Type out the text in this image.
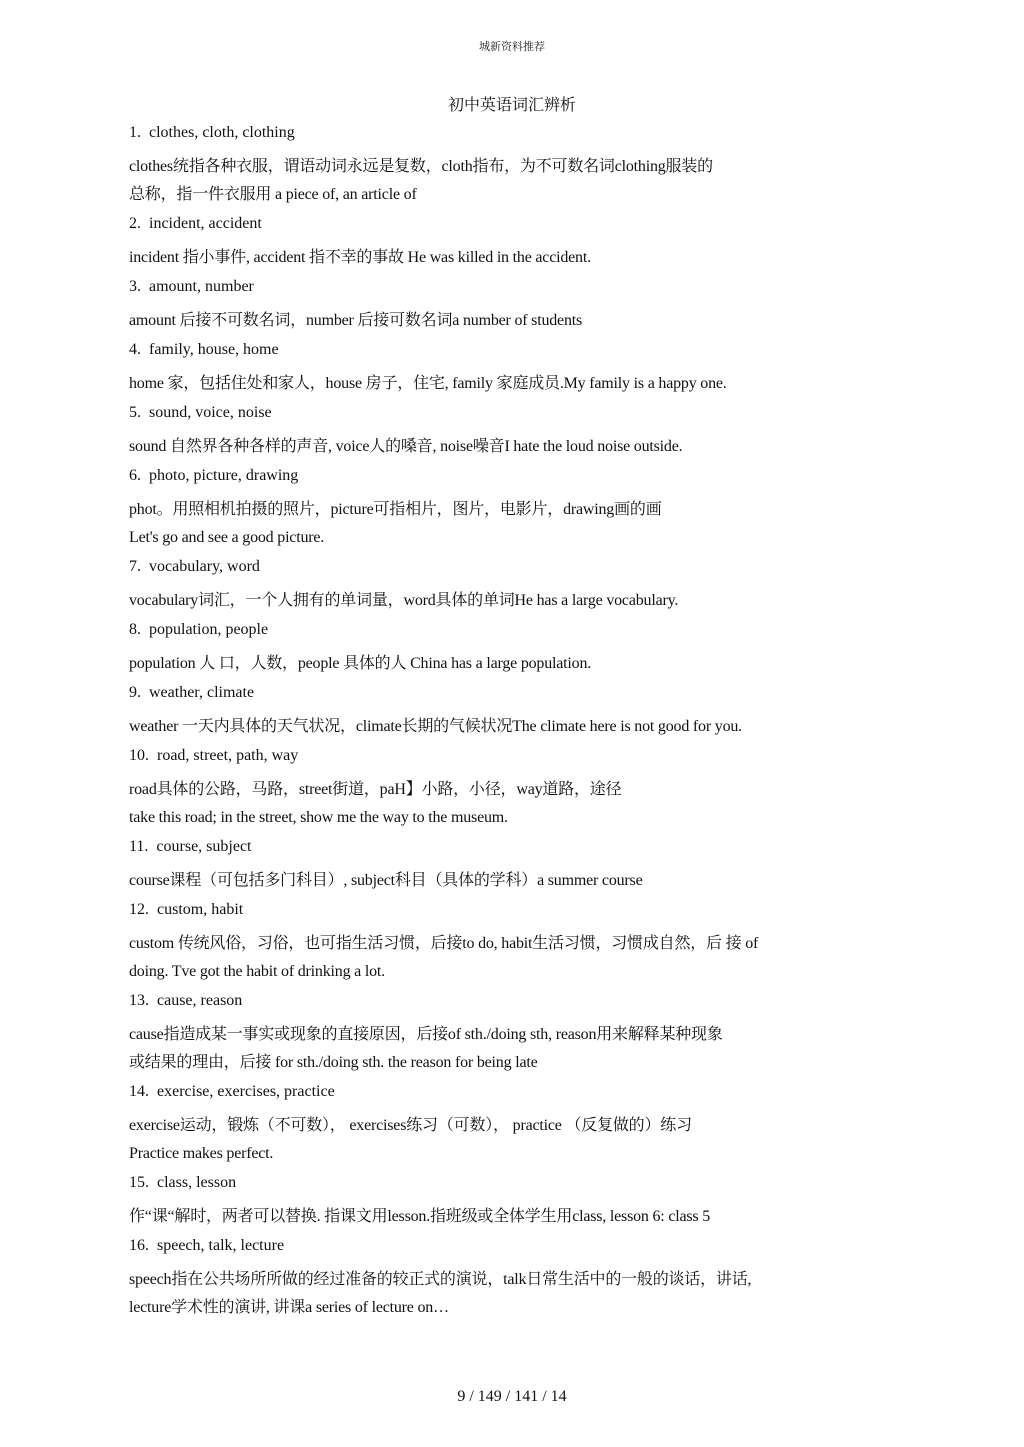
城新资料推荐
初中英语词汇辨析
1. clothes, cloth, clothing
clothes统指各种衣服，谓语动词永远是复数，cloth指布，为不可数名词clothing服装的
总称，指一件衣服用 a piece of, an article of
2. incident, accident
incident 指小事件, accident 指不幸的事故 He was killed in the accident.
3. amount, number
amount 后接不可数名词，number 后接可数名词a number of students
4. family, house, home
home 家，包括住处和家人，house 房子，住宅, family 家庭成员.My family is a happy one.
5. sound, voice, noise
sound 自然界各种各样的声音, voice人的嗓音, noise噪音I hate the loud noise outside.
6. photo, picture, drawing
phot。用照相机拍摄的照片，picture可指相片，图片，电影片，drawing画的画
Let's go and see a good picture.
7. vocabulary, word
vocabulary词汇，一个人拥有的单词量，word具体的单词He has a large vocabulary.
8. population, people
population 人 口，人数，people 具体的人 China has a large population.
9. weather, climate
weather 一天内具体的天气状况，climate长期的气候状况The climate here is not good for you.
10. road, street, path, way
road具体的公路，马路，street街道，paH】小路，小径，way道路，途径
take this road; in the street, show me the way to the museum.
11. course, subject
course课程（可包括多门科目）, subject科目（具体的学科）a summer course
12. custom, habit
custom 传统风俗，习俗，也可指生活习惯，后接to do, habit生活习惯，习惯成自然，后 接 of
doing. Tve got the habit of drinking a lot.
13. cause, reason
cause指造成某一事实或现象的直接原因，后接of sth./doing sth, reason用来解释某种现象
或结果的理由，后接 for sth./doing sth. the reason for being late
14. exercise, exercises, practice
exercise运动，锻炼（不可数）， exercises练习（可数）， practice （反复做的）练习
Practice makes perfect.
15. class, lesson
作“课“解时，两者可以替换. 指课文用lesson.指班级或全体学生用class, lesson 6: class 5
16. speech, talk, lecture
speech指在公共场所所做的经过准备的较正式的演说，talk日常生活中的一般的谈话，讲话,
lecture学术性的演讲, 讲课a series of lecture on…
9 / 149 / 141 / 14
